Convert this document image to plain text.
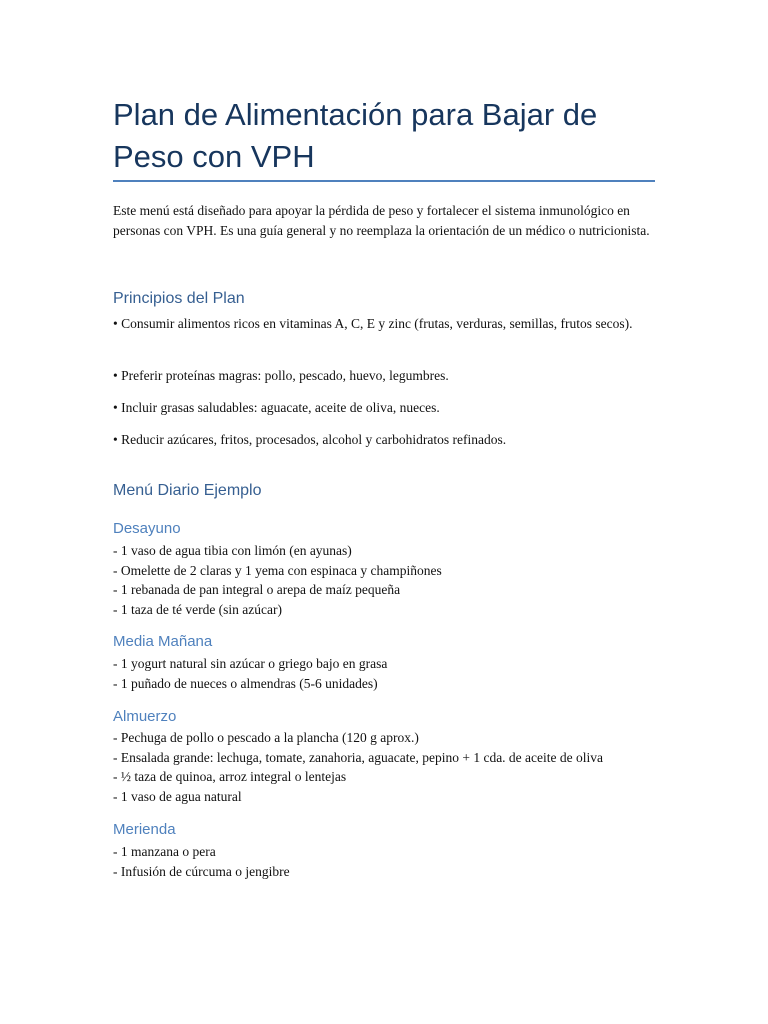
Plan de Alimentación para Bajar de Peso con VPH

Este menú está diseñado para apoyar la pérdida de peso y fortalecer el sistema inmunológico en personas con VPH. Es una guía general y no reemplaza la orientación de un médico o nutricionista.

Principios del Plan

• Consumir alimentos ricos en vitaminas A, C, E y zinc (frutas, verduras, semillas, frutos secos).

• Preferir proteínas magras: pollo, pescado, huevo, legumbres.

• Incluir grasas saludables: aguacate, aceite de oliva, nueces.

• Reducir azúcares, fritos, procesados, alcohol y carbohidratos refinados.

Menú Diario Ejemplo
Desayuno
- 1 vaso de agua tibia con limón (en ayunas)
- Omelette de 2 claras y 1 yema con espinaca y champiñones
- 1 rebanada de pan integral o arepa de maíz pequeña
- 1 taza de té verde (sin azúcar)
Media Mañana
- 1 yogurt natural sin azúcar o griego bajo en grasa
- 1 puñado de nueces o almendras (5-6 unidades)
Almuerzo
- Pechuga de pollo o pescado a la plancha (120 g aprox.)
- Ensalada grande: lechuga, tomate, zanahoria, aguacate, pepino + 1 cda. de aceite de oliva
- ½ taza de quinoa, arroz integral o lentejas
- 1 vaso de agua natural
Merienda
- 1 manzana o pera
- Infusión de cúrcuma o jengibre
